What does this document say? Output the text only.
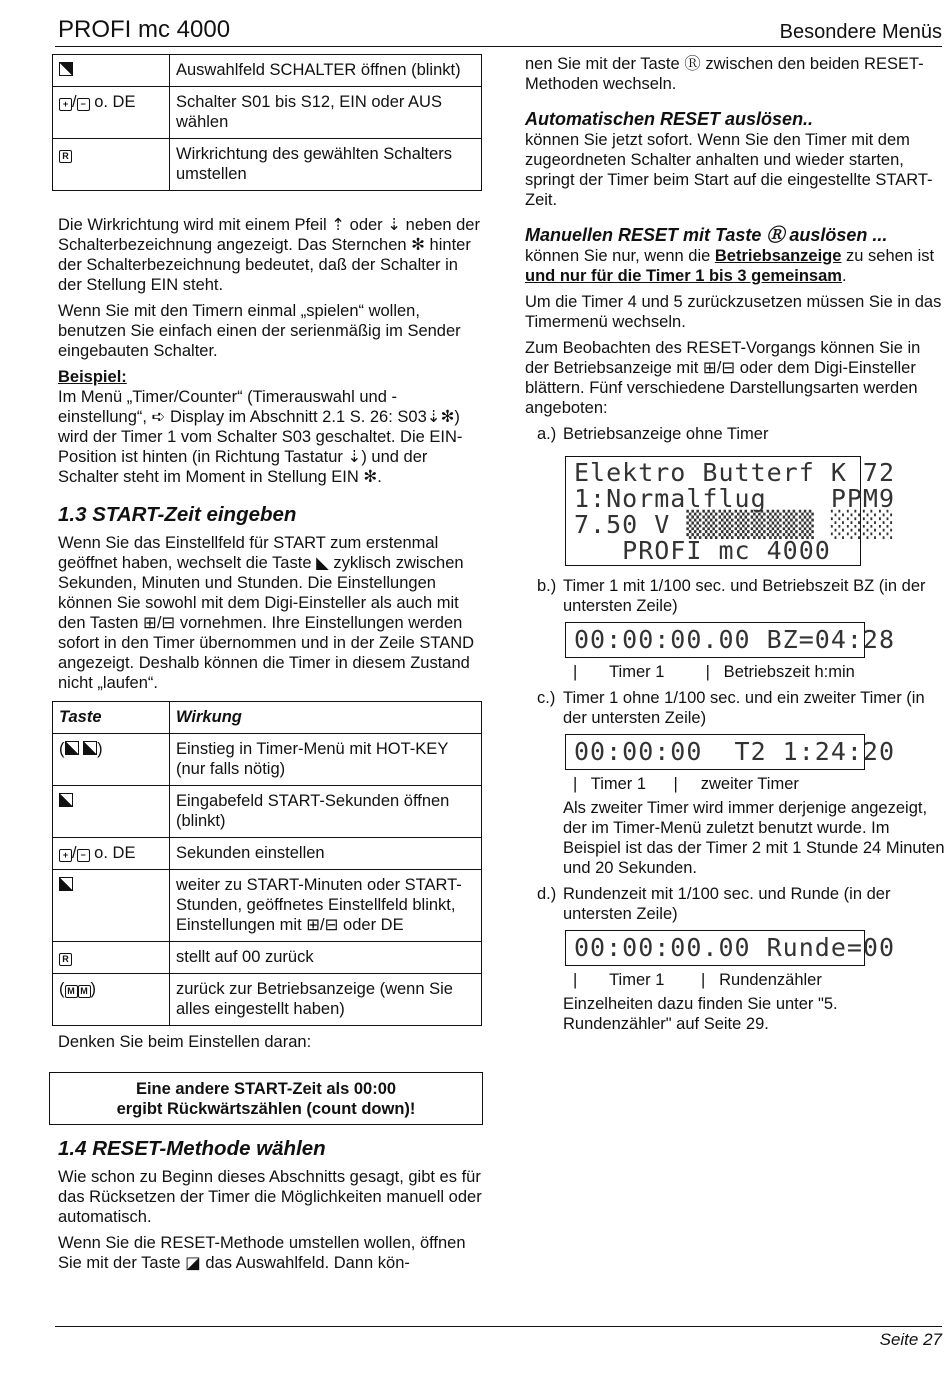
PROFI mc 4000	Besondere Menüs
	Auswahlfeld SCHALTER öffnen (blinkt)
+ / − o. DE	Schalter S01 bis S12, EIN oder AUS wählen
R	Wirkrichtung des gewählten Schalters umstellen

Die Wirkrichtung wird mit einem Pfeil ⇡ oder ⇣ neben der Schalterbezeichnung angezeigt. Das Sternchen ✻ hinter der Schalterbezeichnung bedeutet, daß der Schalter in der Stellung EIN steht.

Wenn Sie mit den Timern einmal „spielen“ wollen, benutzen Sie einfach einen der serienmäßig im Sender eingebauten Schalter.

Beispiel:

Im Menü „Timer/Counter“ (Timerauswahl und -einstellung“, ➪ Display im Abschnitt 2.1 S. 26: S03⇣✻) wird der Timer 1 vom Schalter S03 geschaltet. Die EIN-Position ist hinten (in Richtung Tastatur ⇣) und der Schalter steht im Moment in Stellung EIN ✻.

1.3 START-Zeit eingeben

Wenn Sie das Einstellfeld für START zum erstenmal geöffnet haben, wechselt die Taste ◣ zyklisch zwischen Sekunden, Minuten und Stunden. Die Einstellungen können Sie sowohl mit dem Digi-Einsteller als auch mit den Tasten ⊞/⊟ vornehmen. Ihre Einstellungen werden sofort in den Timer übernommen und in der Zeile STAND angezeigt. Deshalb können die Timer in diesem Zustand nicht „laufen“.

Taste	Wirkung
( )	Einstieg in Timer-Menü mit HOT-KEY (nur falls nötig)
	Eingabefeld START-Sekunden öffnen (blinkt)
+ / − o. DE	Sekunden einstellen
	weiter zu START-Minuten oder START-Stunden, geöffnetes Einstellfeld blinkt, Einstellungen mit ⊞/⊟ oder DE
R	stellt auf 00 zurück
( M M )	zurück zur Betriebsanzeige (wenn Sie alles eingestellt haben)

Denken Sie beim Einstellen daran:

Eine andere START-Zeit als 00:00
ergibt Rückwärtszählen (count down)!
1.4 RESET-Methode wählen

Wie schon zu Beginn dieses Abschnitts gesagt, gibt es für das Rücksetzen der Timer die Möglichkeiten manuell oder automatisch.

Wenn Sie die RESET-Methode umstellen wollen, öffnen Sie mit der Taste ◪ das Auswahlfeld. Dann kön-

nen Sie mit der Taste Ⓡ zwischen den beiden RESET-Methoden wechseln.

Automatischen RESET auslösen..

können Sie jetzt sofort. Wenn Sie den Timer mit dem zugeordneten Schalter anhalten und wieder starten, springt der Timer beim Start auf die eingestellte START-Zeit.

Manuellen RESET mit Taste Ⓡ auslösen ...

können Sie nur, wenn die Betriebsanzeige zu sehen ist und nur für die Timer 1 bis 3 gemeinsam.

Um die Timer 4 und 5 zurückzusetzen müssen Sie in das Timermenü wechseln.

Zum Beobachten des RESET-Vorgangs können Sie in der Betriebsanzeige mit ⊞/⊟ oder dem Digi-Einsteller blättern. Fünf verschiedene Darstellungsarten werden angeboten:

a.) Betriebsanzeige ohne Timer
Elektro Butterf K 72
1:Normalflug    PPM9
7.50 V ▒▒▒▒▒▒▒▒ ░░░░
PROFI mc 4000
b.) Timer 1 mit 1/100 sec. und Betriebszeit BZ (in der untersten Zeile)
00:00:00.00 BZ=04:28
|       Timer 1         |   Betriebszeit h:min
c.) Timer 1 ohne 1/100 sec. und ein zweiter Timer (in der untersten Zeile)
00:00:00  T2 1:24:20
|   Timer 1      |     zweiter Timer
Als zweiter Timer wird immer derjenige angezeigt, der im Timer-Menü zuletzt benutzt wurde. Im Beispiel ist das der Timer 2 mit 1 Stunde 24 Minuten und 20 Sekunden.
d.) Rundenzeit mit 1/100 sec. und Runde (in der untersten Zeile)
00:00:00.00 Runde=00
|       Timer 1        |   Rundenzähler
Einzelheiten dazu finden Sie unter "5. Rundenzähler" auf Seite 29.
Seite 27
